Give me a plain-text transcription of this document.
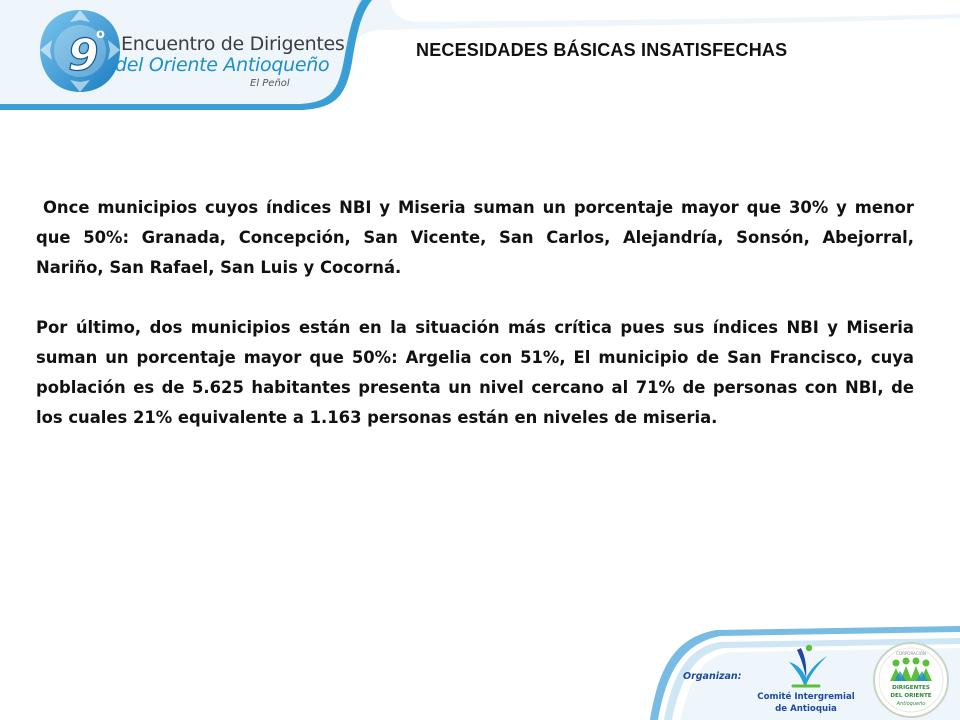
9
o Encuentro de Dirigentes
del Oriente Antioqueño
El Peñol
NECESIDADES BÁSICAS INSATISFECHAS

Once municipios cuyos índices NBI y Miseria suman un porcentaje mayor que 30% y menor que 50%: Granada, Concepción, San Vicente, San Carlos, Alejandría, Sonsón, Abejorral, Nariño, San Rafael, San Luis y Cocorná.

Por último, dos municipios están en la situación más crítica pues sus índices NBI y Miseria suman un porcentaje mayor que 50%: Argelia con 51%, El municipio de San Francisco, cuya población es de 5.625 habitantes presenta un nivel cercano al 71% de personas con NBI, de los cuales 21% equivalente a 1.163 personas están en niveles de miseria.

Organizan:
Comité Intergremial
de Antioquia
CORPORACIÓN
DIRIGENTES
DEL ORIENTE
Antioqueño
